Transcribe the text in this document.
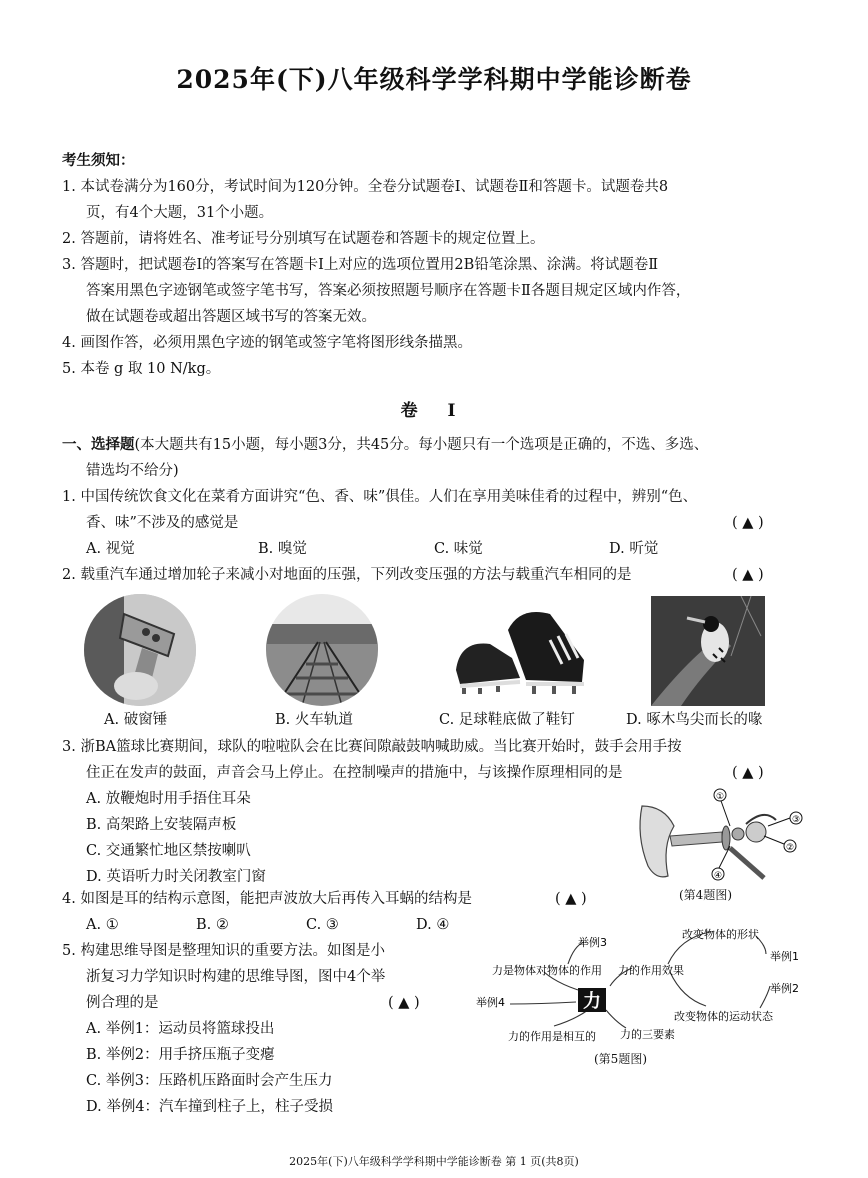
2025年(下)八年级科学学科期中学能诊断卷
考生须知：
1. 本试卷满分为160分，考试时间为120分钟。全卷分试题卷Ⅰ、试题卷Ⅱ和答题卡。试题卷共8
页，有4个大题，31个小题。
2. 答题前，请将姓名、准考证号分别填写在试题卷和答题卡的规定位置上。
3. 答题时，把试题卷Ⅰ的答案写在答题卡Ⅰ上对应的选项位置用2B铅笔涂黑、涂满。将试题卷Ⅱ
答案用黑色字迹钢笔或签字笔书写，答案必须按照题号顺序在答题卡Ⅱ各题目规定区域内作答，
做在试题卷或超出答题区域书写的答案无效。
4. 画图作答，必须用黑色字迹的钢笔或签字笔将图形线条描黑。
5. 本卷 g 取 10 N/kg。
卷 Ⅰ
一、选择题(本大题共有15小题，每小题3分，共45分。每小题只有一个选项是正确的，不选、多选、
错选均不给分)
1. 中国传统饮食文化在菜肴方面讲究“色、香、味”俱佳。人们在享用美味佳肴的过程中，辨别“色、
香、味”不涉及的感觉是	( ▲ )
A. 视觉	B. 嗅觉	C. 味觉	D. 听觉
2. 载重汽车通过增加轮子来减小对地面的压强，下列改变压强的方法与载重汽车相同的是	( ▲ )
A. 破窗锤	B. 火车轨道	C. 足球鞋底做了鞋钉	D. 啄木鸟尖而长的喙
3. 浙BA篮球比赛期间，球队的啦啦队会在比赛间隙敲鼓呐喊助威。当比赛开始时，鼓手会用手按
住正在发声的鼓面，声音会马上停止。在控制噪声的措施中，与该操作原理相同的是	( ▲ )
A. 放鞭炮时用手捂住耳朵
B. 高架路上安装隔声板
C. 交通繁忙地区禁按喇叭
D. 英语听力时关闭教室门窗
①
③
②
④
(第4题图)
4. 如图是耳的结构示意图，能把声波放大后再传入耳蜗的结构是	( ▲ )
A. ①	B. ②	C. ③	D. ④
5. 构建思维导图是整理知识的重要方法。如图是小
浙复习力学知识时构建的思维导图，图中4个举
例合理的是	( ▲ )
A. 举例1：运动员将篮球投出
B. 举例2：用手挤压瓶子变瘪
C. 举例3：压路机压路面时会产生压力
D. 举例4：汽车撞到柱子上，柱子受损
力
举例3
力是物体对物体的作用 力的作用效果
改变物体的形状
举例1
举例2
改变物体的运动状态
举例4
力的作用是相互的 力的三要素
(第5题图)
2025年(下)八年级科学学科期中学能诊断卷 第 1 页(共8页)
